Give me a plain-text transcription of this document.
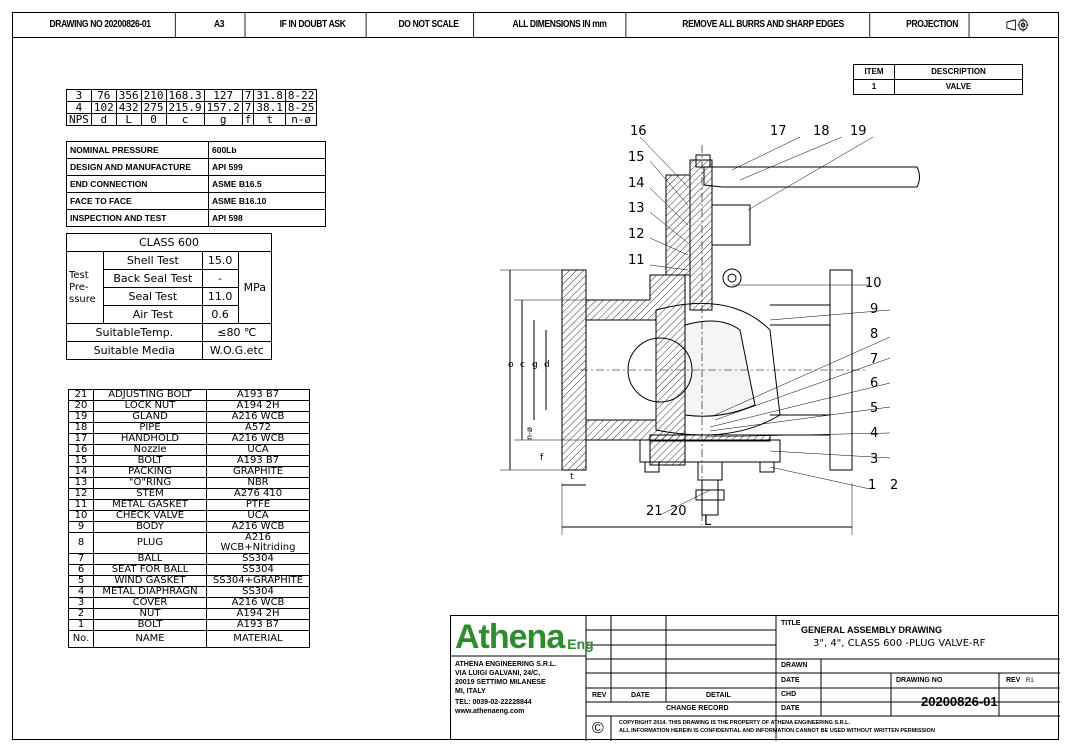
DRAWING NO 20200826-01	A3	IF IN DOUBT ASK	DO NOT SCALE	ALL DIMENSIONS IN mm	REMOVE ALL BURRS AND SHARP EDGES	PROJECTION
3	76	356	210	168.3	127	7	31.8	8-22
4	102	432	275	215.9	157.2	7	38.1	8-25
NPS	d	L	0	c	g	f	t	n-ø
NOMINAL PRESSURE	600Lb
DESIGN AND MANUFACTURE	API 599
END CONNECTION	ASME B16.5
FACE TO FACE	ASME B16.10
INSPECTION AND TEST	API 598
CLASS 600			
Test Pre- ssure	Shell Test	15.0	MPa
	Back Seal Test	-	
	Seal Test	11.0	
	Air Test	0.6	
SuitableTemp.		≤80 ℃	
Suitable Media		W.O.G.etc	
21	ADJUSTING BOLT	A193 B7
20	LOCK NUT	A194 2H
19	GLAND	A216 WCB
18	PIPE	A572
17	HANDHOLD	A216 WCB
16	Nozzle	UCA
15	BOLT	A193 B7
14	PACKING	GRAPHITE
13	"O"RING	NBR
12	STEM	A276 410
11	METAL GASKET	PTFE
10	CHECK VALVE	UCA
9	BODY	A216 WCB
8	PLUG	A216 WCB+Nitriding
7	BALL	SS304
6	SEAT FOR BALL	SS304
5	WIND GASKET	SS304+GRAPHITE
4	METAL DIAPHRAGN	SS304
3	COVER	A216 WCB
2	NUT	A194 2H
1	BOLT	A193 B7
No.	NAME	MATERIAL
ITEM	DESCRIPTION
1	VALVE
16	17 18 19
15
14
13
12
11
10
9
8
7
6
5
4
3
1 2
21 20
L
t
f
n-ø
o c g d
Athena Eng
ATHENA ENGINEERING S.R.L.
VIA LUIGI GALVANI, 24/C,
20019 SETTIMO MILANESE
MI, ITALY
TEL: 0039-02-22228844
www.athenaeng.com
REV	DATE	DETAIL
CHANGE RECORD
©	COPYRIGHT 2014. THIS DRAWING IS THE PROPERTY OF ATHENA ENGINEERING S.R.L.
ALL INFORMATION HEREIN IS CONFIDENTIAL AND INFORMATION CANNOT BE USED WITHOUT WRITTEN PERMISSION
TITLE
GENERAL ASSEMBLY DRAWING
3", 4", CLASS 600 -PLUG VALVE-RF
DRAWN
DATE
CHD
DATE
DRAWING NO
20200826-01
REV R1
